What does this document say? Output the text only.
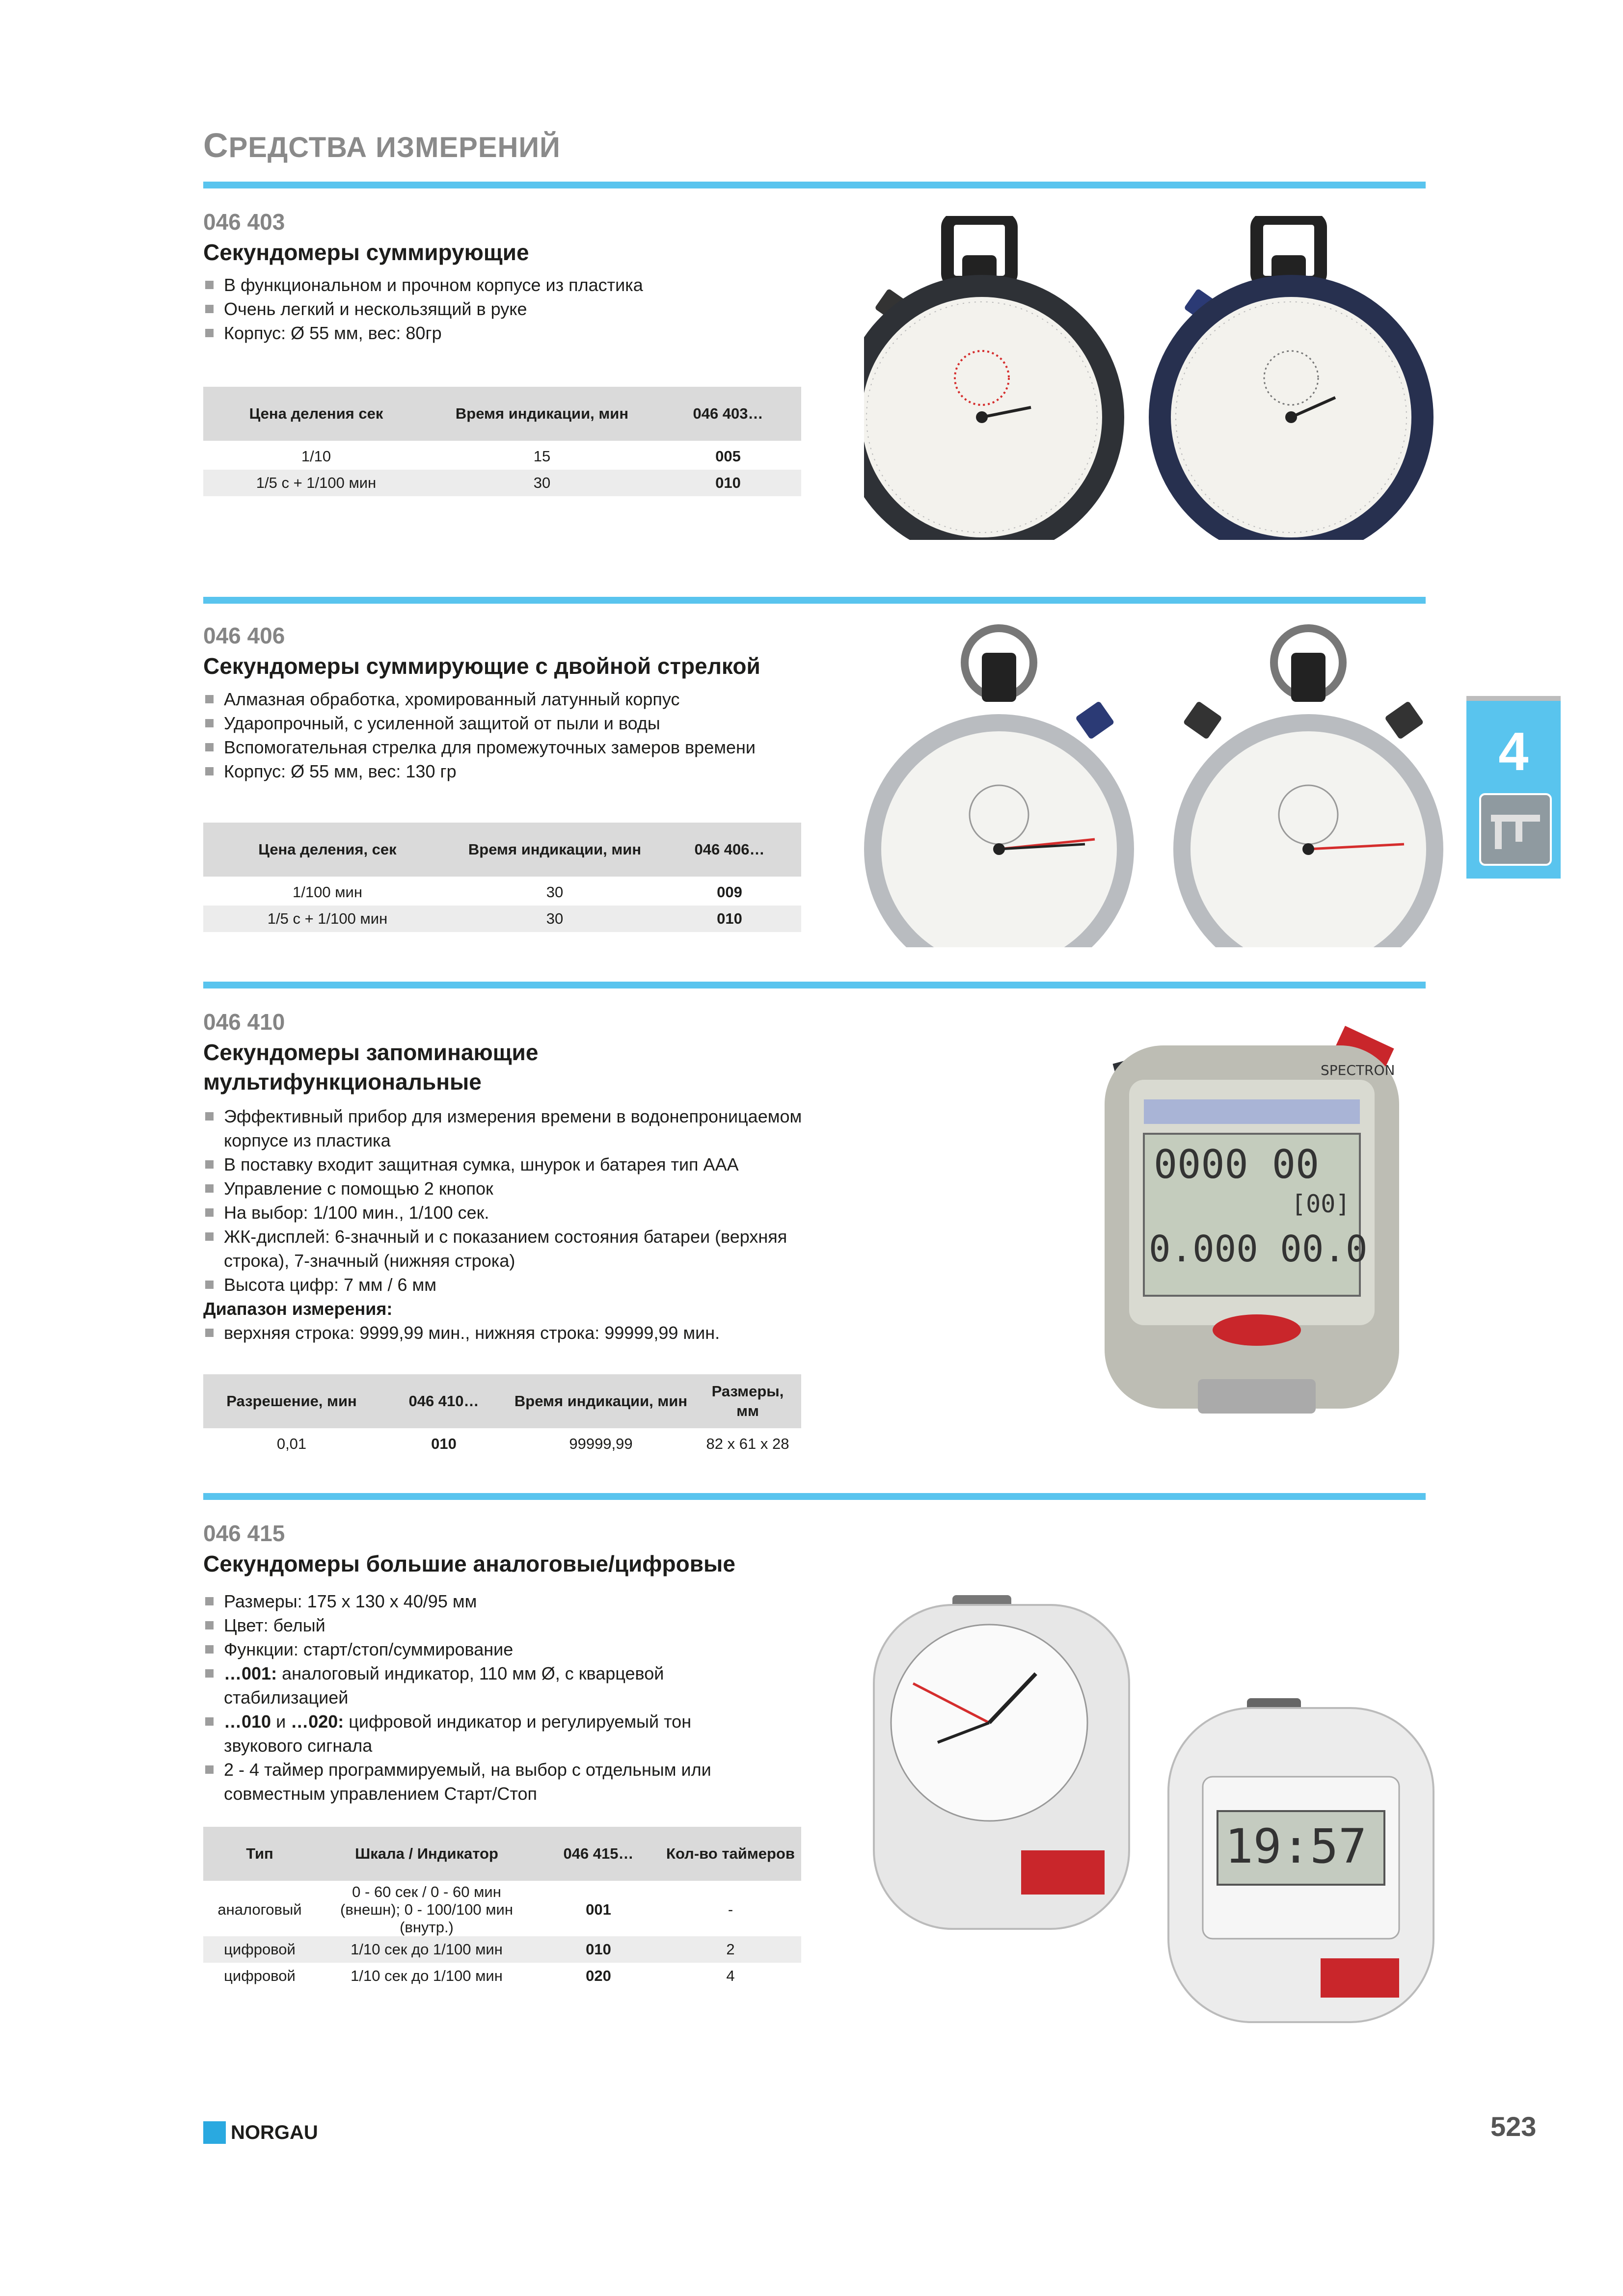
СРЕДСТВА ИЗМЕРЕНИЙ
046 403
Секундомеры суммирующие
В функциональном и прочном корпусе из пластика
Очень легкий и нескользящий в руке
Корпус: Ø 55 мм, вес: 80гр
Цена деления сек	Время индикации, мин	046 403…
1/10	15	005
1/5 с + 1/100 мин	30	010
046 406
Секундомеры суммирующие с двойной стрелкой
Алмазная обработка, хромированный латунный корпус
Ударопрочный, с усиленной защитой от пыли и воды
Вспомогательная стрелка для промежуточных замеров времени
Корпус: Ø 55 мм, вес: 130 гр
Цена деления, сек	Время индикации, мин	046 406…
1/100 мин	30	009
1/5 с + 1/100 мин	30	010
046 410
Секундомеры запоминающие
мультифункциональные
Эффективный прибор для измерения времени в водонепроницаемом корпусе из пластика
В поставку входит защитная сумка, шнурок и батарея тип AAA
Управление с помощью 2 кнопок
На выбор: 1/100 мин., 1/100 сек.
ЖК-дисплей: 6-значный и с показанием состояния батареи (верхняя строка), 7-значный (нижняя строка)
Высота цифр: 7 мм / 6 мм
Диапазон измерения:
верхняя строка: 9999,99 мин., нижняя строка: 99999,99 мин.
Разрешение, мин	046 410…	Время индикации, мин	Размеры, мм
0,01	010	99999,99	82 x 61 x 28
SPECTRON
0000 00
[00]
0.000 00.0
046 415
Секундомеры большие аналоговые/цифровые
Размеры: 175 х 130 х 40/95 мм
Цвет: белый
Функции: старт/стоп/суммирование
…001: аналоговый индикатор, 110 мм Ø, с кварцевой стабилизацией
…010 и …020: цифровой индикатор и регулируемый тон звукового сигнала
2 - 4 таймер программируемый, на выбор с отдельным или совместным управлением Старт/Стоп
Тип	Шкала / Индикатор	046 415…	Кол-во таймеров
аналоговый	0 - 60 сек / 0 - 60 мин (внешн); 0 - 100/100 мин (внутр.)	001	-
цифровой	1/10 сек до 1/100 мин	010	2
цифровой	1/10 сек до 1/100 мин	020	4
19:57
4
NORGAU	523
